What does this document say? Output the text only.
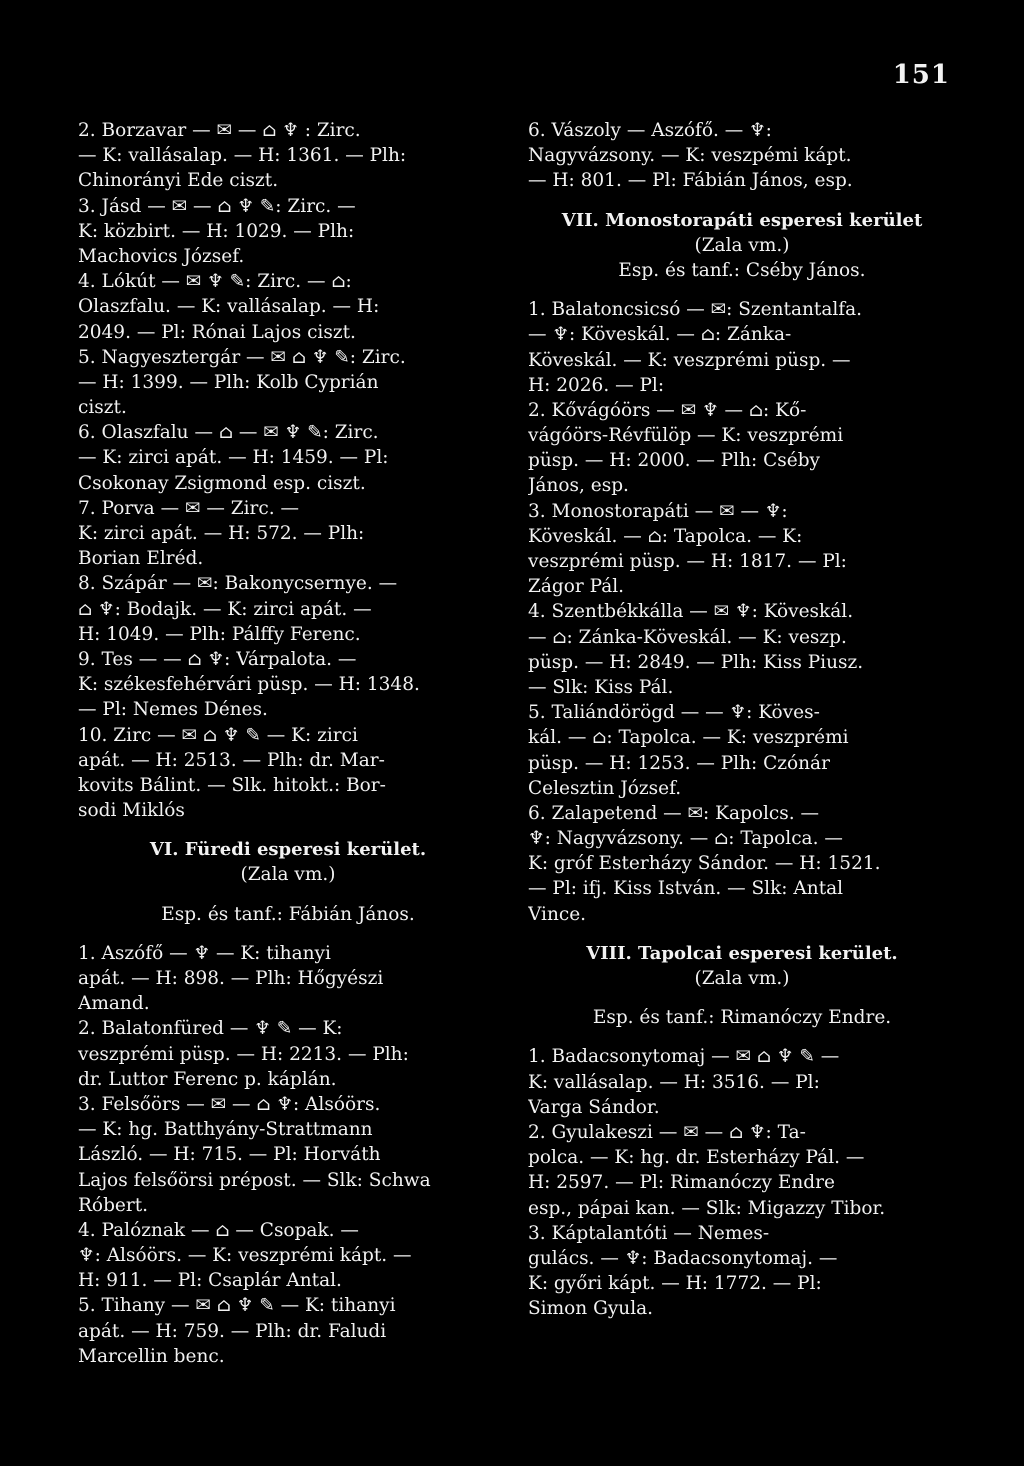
151
2. Borzavar — ✉ — ⌂ ♆ : Zirc.
— K: vallásalap. — H: 1361. — Plh:
Chinorányi Ede ciszt.
3. Jásd — ✉ — ⌂ ♆ ✎: Zirc. —
K: közbirt. — H: 1029. — Plh:
Machovics József.
4. Lókút — ✉ ♆ ✎: Zirc. — ⌂:
Olaszfalu. — K: vallásalap. — H:
2049. — Pl: Rónai Lajos ciszt.
5. Nagyesztergár — ✉ ⌂ ♆ ✎: Zirc.
— H: 1399. — Plh: Kolb Cyprián
ciszt.
6. Olaszfalu — ⌂ — ✉ ♆ ✎: Zirc.
— K: zirci apát. — H: 1459. — Pl:
Csokonay Zsigmond esp. ciszt.
7. Porva — ✉ — Zirc. —
K: zirci apát. — H: 572. — Plh:
Borian Elréd.
8. Szápár — ✉: Bakonycsernye. —
⌂ ♆: Bodajk. — K: zirci apát. —
H: 1049. — Plh: Pálffy Ferenc.
9. Tes — — ⌂ ♆: Várpalota. —
K: székesfehérvári püsp. — H: 1348.
— Pl: Nemes Dénes.
10. Zirc — ✉ ⌂ ♆ ✎ — K: zirci
apát. — H: 2513. — Plh: dr. Mar-
kovits Bálint. — Slk. hitokt.: Bor-
sodi Miklós
VI. Füredi esperesi kerület.
(Zala vm.)
Esp. és tanf.: Fábián János.
1. Aszófő — ♆ — K: tihanyi
apát. — H: 898. — Plh: Hőgyészi
Amand.
2. Balatonfüred — ♆ ✎ — K:
veszprémi püsp. — H: 2213. — Plh:
dr. Luttor Ferenc p. káplán.
3. Felsőörs — ✉ — ⌂ ♆: Alsóörs.
— K: hg. Batthyány-Strattmann
László. — H: 715. — Pl: Horváth
Lajos felsőörsi prépost. — Slk: Schwa
Róbert.
4. Palóznak — ⌂ — Csopak. —
♆: Alsóörs. — K: veszprémi kápt. —
H: 911. — Pl: Csaplár Antal.
5. Tihany — ✉ ⌂ ♆ ✎ — K: tihanyi
apát. — H: 759. — Plh: dr. Faludi
Marcellin benc.
6. Vászoly — Aszófő. — ♆:
Nagyvázsony. — K: veszpémi kápt.
— H: 801. — Pl: Fábián János, esp.
VII. Monostorapáti esperesi kerület
(Zala vm.)
Esp. és tanf.: Cséby János.
1. Balatoncsicsó — ✉: Szentantalfa.
— ♆: Köveskál. — ⌂: Zánka-
Köveskál. — K: veszprémi püsp. —
H: 2026. — Pl:
2. Kővágóörs — ✉ ♆ — ⌂: Kő-
vágóörs-Révfülöp — K: veszprémi
püsp. — H: 2000. — Plh: Cséby
János, esp.
3. Monostorapáti — ✉ — ♆:
Köveskál. — ⌂: Tapolca. — K:
veszprémi püsp. — H: 1817. — Pl:
Zágor Pál.
4. Szentbékkálla — ✉ ♆: Köveskál.
— ⌂: Zánka-Köveskál. — K: veszp.
püsp. — H: 2849. — Plh: Kiss Piusz.
— Slk: Kiss Pál.
5. Taliándörögd — — ♆: Köves-
kál. — ⌂: Tapolca. — K: veszprémi
püsp. — H: 1253. — Plh: Czónár
Celesztin József.
6. Zalapetend — ✉: Kapolcs. —
♆: Nagyvázsony. — ⌂: Tapolca. —
K: gróf Esterházy Sándor. — H: 1521.
— Pl: ifj. Kiss István. — Slk: Antal
Vince.
VIII. Tapolcai esperesi kerület.
(Zala vm.)
Esp. és tanf.: Rimanóczy Endre.
1. Badacsonytomaj — ✉ ⌂ ♆ ✎ —
K: vallásalap. — H: 3516. — Pl:
Varga Sándor.
2. Gyulakeszi — ✉ — ⌂ ♆: Ta-
polca. — K: hg. dr. Esterházy Pál. —
H: 2597. — Pl: Rimanóczy Endre
esp., pápai kan. — Slk: Migazzy Tibor.
3. Káptalantóti — Nemes-
gulács. — ♆: Badacsonytomaj. —
K: győri kápt. — H: 1772. — Pl:
Simon Gyula.
